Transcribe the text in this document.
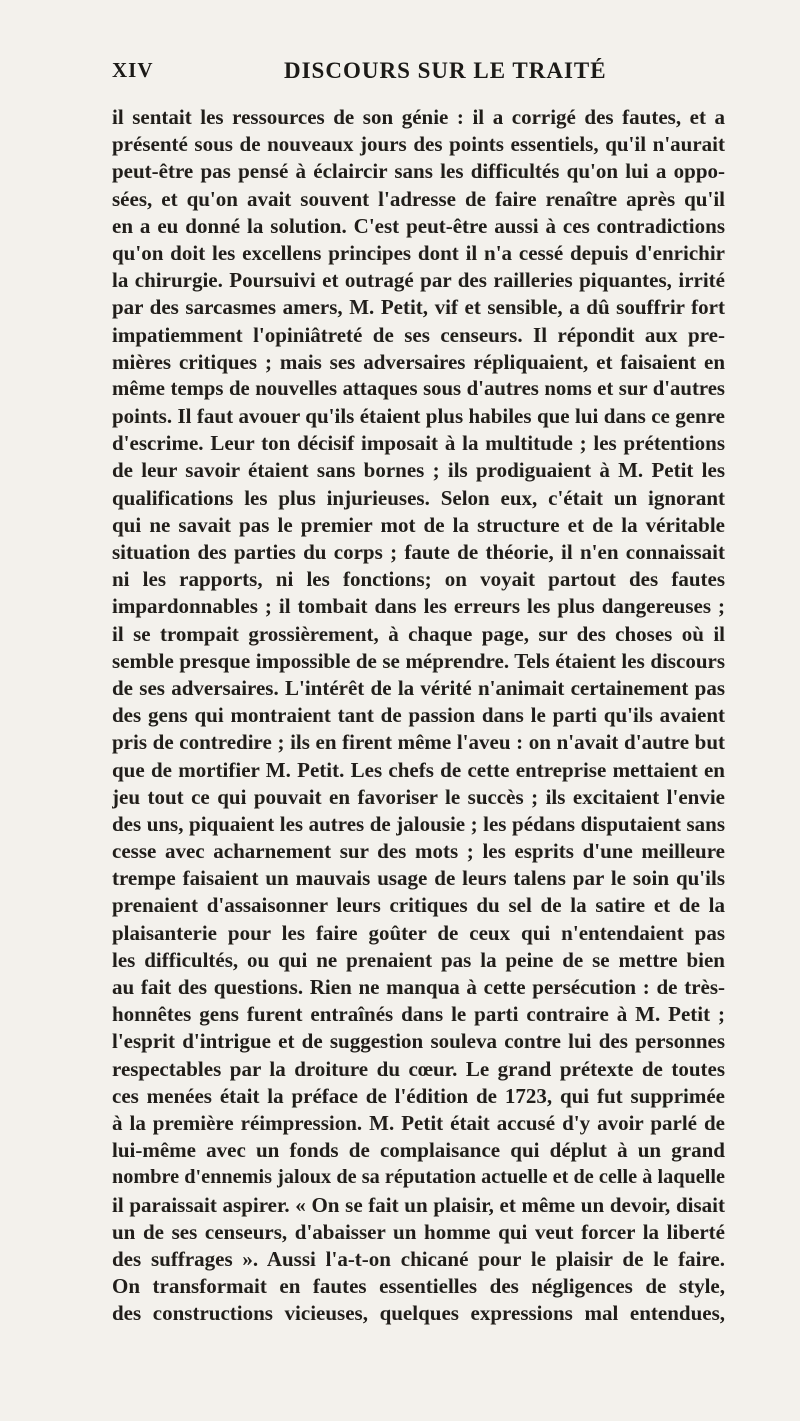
XIV	DISCOURS SUR LE TRAITÉ
il sentait les ressources de son génie : il a corrigé des fautes, et a
présenté sous de nouveaux jours des points essentiels, qu'il n'aurait
peut-être pas pensé à éclaircir sans les difficultés qu'on lui a oppo-
sées, et qu'on avait souvent l'adresse de faire renaître après qu'il
en a eu donné la solution. C'est peut-être aussi à ces contradictions
qu'on doit les excellens principes dont il n'a cessé depuis d'enrichir
la chirurgie. Poursuivi et outragé par des railleries piquantes, irrité
par des sarcasmes amers, M. Petit, vif et sensible, a dû souffrir fort
impatiemment l'opiniâtreté de ses censeurs. Il répondit aux pre-
mières critiques ; mais ses adversaires répliquaient, et faisaient en
même temps de nouvelles attaques sous d'autres noms et sur d'autres
points. Il faut avouer qu'ils étaient plus habiles que lui dans ce genre
d'escrime. Leur ton décisif imposait à la multitude ; les prétentions
de leur savoir étaient sans bornes ; ils prodiguaient à M. Petit les
qualifications les plus injurieuses. Selon eux, c'était un ignorant
qui ne savait pas le premier mot de la structure et de la véritable
situation des parties du corps ; faute de théorie, il n'en connaissait
ni les rapports, ni les fonctions; on voyait partout des fautes
impardonnables ; il tombait dans les erreurs les plus dangereuses ;
il se trompait grossièrement, à chaque page, sur des choses où il
semble presque impossible de se méprendre. Tels étaient les discours
de ses adversaires. L'intérêt de la vérité n'animait certainement pas
des gens qui montraient tant de passion dans le parti qu'ils avaient
pris de contredire ; ils en firent même l'aveu : on n'avait d'autre but
que de mortifier M. Petit. Les chefs de cette entreprise mettaient en
jeu tout ce qui pouvait en favoriser le succès ; ils excitaient l'envie
des uns, piquaient les autres de jalousie ; les pédans disputaient sans
cesse avec acharnement sur des mots ; les esprits d'une meilleure
trempe faisaient un mauvais usage de leurs talens par le soin qu'ils
prenaient d'assaisonner leurs critiques du sel de la satire et de la
plaisanterie pour les faire goûter de ceux qui n'entendaient pas
les difficultés, ou qui ne prenaient pas la peine de se mettre bien
au fait des questions. Rien ne manqua à cette persécution : de très-
honnêtes gens furent entraînés dans le parti contraire à M. Petit ;
l'esprit d'intrigue et de suggestion souleva contre lui des personnes
respectables par la droiture du cœur. Le grand prétexte de toutes
ces menées était la préface de l'édition de 1723, qui fut supprimée
à la première réimpression. M. Petit était accusé d'y avoir parlé de
lui-même avec un fonds de complaisance qui déplut à un grand
nombre d'ennemis jaloux de sa réputation actuelle et de celle à laquelle
il paraissait aspirer. « On se fait un plaisir, et même un devoir, disait
un de ses censeurs, d'abaisser un homme qui veut forcer la liberté
des suffrages ». Aussi l'a-t-on chicané pour le plaisir de le faire.
On transformait en fautes essentielles des négligences de style,
des constructions vicieuses, quelques expressions mal entendues,
